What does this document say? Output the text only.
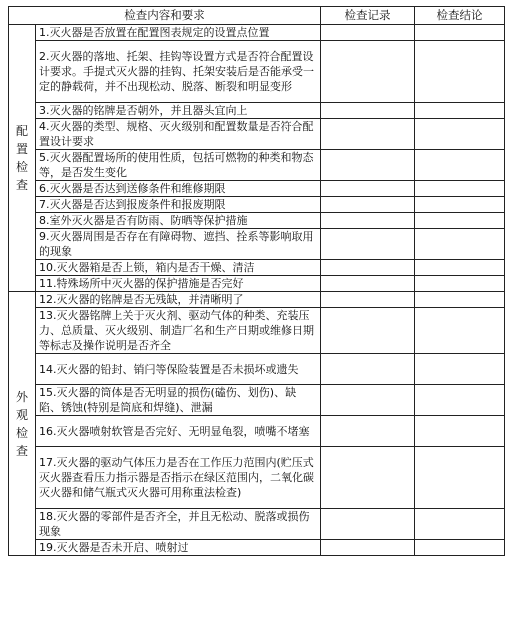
检查内容和要求		检查记录	检查结论
配置检查	1.灭火器是否放置在配置图表规定的设置点位置		
	2.灭火器的落地、托架、挂钩等设置方式是否符合配置设计要求。手提式灭火器的挂钩、托架安装后是否能承受一定的静载荷，并不出现松动、脱落、断裂和明显变形		
	3.灭火器的铭牌是否朝外，并且器头宜向上		
	4.灭火器的类型、规格、灭火级别和配置数量是否符合配置设计要求		
	5.灭火器配置场所的使用性质，包括可燃物的种类和物态等，是否发生变化		
	6.灭火器是否达到送修条件和维修期限		
	7.灭火器是否达到报废条件和报废期限		
	8.室外灭火器是否有防雨、防晒等保护措施		
	9.灭火器周围是否存在有障碍物、遮挡、拴系等影响取用的现象		
	10.灭火器箱是否上锁，箱内是否干燥、清洁		
	11.特殊场所中灭火器的保护措施是否完好		
外观检查	12.灭火器的铭牌是否无残缺，并清晰明了		
	13.灭火器铭牌上关于灭火剂、驱动气体的种类、充装压力、总质量、灭火级别、制造厂名和生产日期或维修日期等标志及操作说明是否齐全		
	14.灭火器的铅封、销闩等保险装置是否未损坏或遗失		
	15.灭火器的筒体是否无明显的损伤(磕伤、划伤)、缺陷、锈蚀(特别是筒底和焊缝)、泄漏		
	16.灭火器喷射软管是否完好、无明显龟裂，喷嘴不堵塞		
	17.灭火器的驱动气体压力是否在工作压力范围内(贮压式灭火器查看压力指示器是否指示在绿区范围内，二氧化碳灭火器和储气瓶式灭火器可用称重法检查)		
	18.灭火器的零部件是否齐全，并且无松动、脱落或损伤现象		
	19.灭火器是否未开启、喷射过		
